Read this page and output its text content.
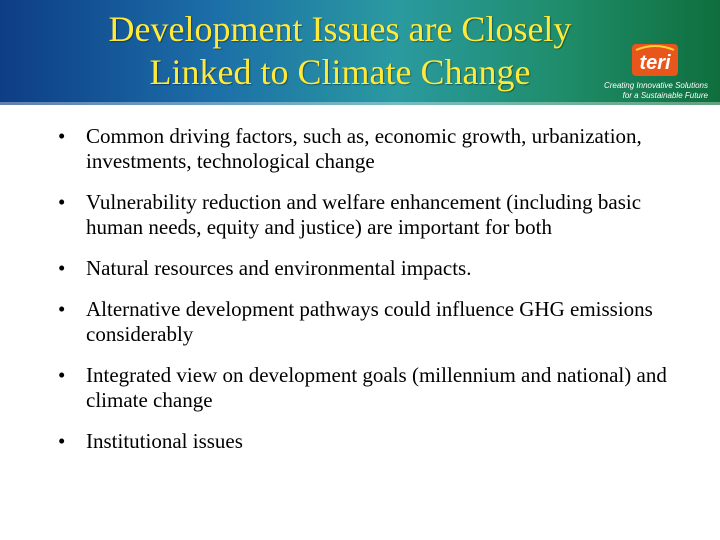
Development Issues are Closely
Linked to Climate Change	teri
Creating Innovative Solutions
for a Sustainable Future
• Common driving factors, such as, economic growth, urbanization, investments, technological change
• Vulnerability reduction and welfare enhancement (including basic human needs, equity and justice) are important for both
• Natural resources and environmental impacts.
• Alternative development pathways could influence GHG emissions considerably
• Integrated view on development goals (millennium and national) and climate change
• Institutional issues
